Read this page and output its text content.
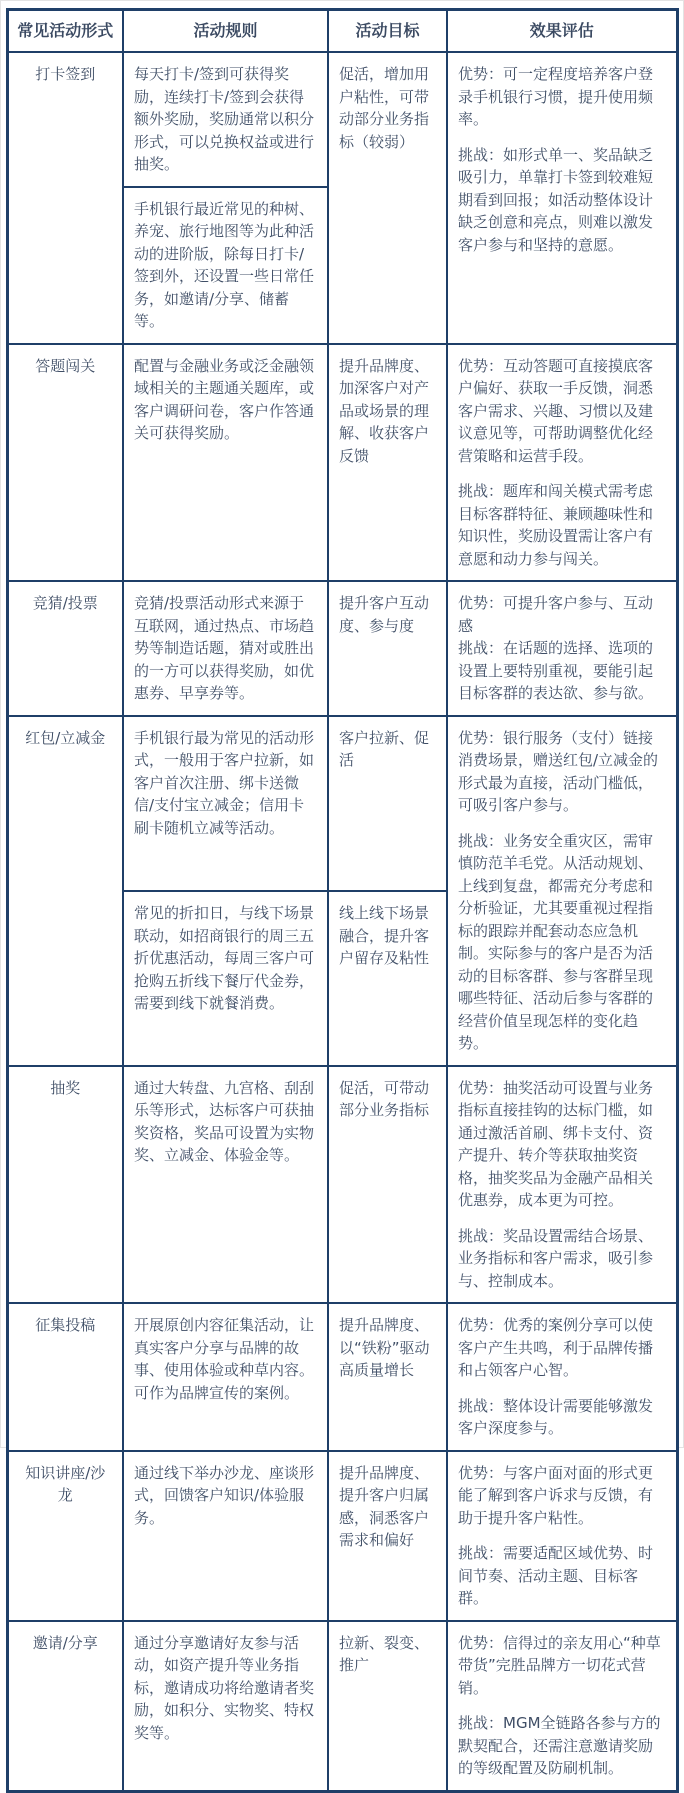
常见活动形式	活动规则	活动目标	效果评估
打卡签到	每天打卡/签到可获得奖励，连续打卡/签到会获得额外奖励，奖励通常以积分形式，可以兑换权益或进行抽奖。	促活，增加用户粘性，可带动部分业务指标（较弱）	优势：可一定程度培养客户登录手机银行习惯，提升使用频率。

挑战：如形式单一、奖品缺乏吸引力，单靠打卡签到较难短期看到回报；如活动整体设计缺乏创意和亮点，则难以激发客户参与和坚持的意愿。

	手机银行最近常见的种树、养宠、旅行地图等为此种活动的进阶版，除每日打卡/签到外，还设置一些日常任务，如邀请/分享、储蓄等。		

答题闯关	配置与金融业务或泛金融领域相关的主题通关题库，或客户调研问卷，客户作答通关可获得奖励。	提升品牌度、加深客户对产品或场景的理解、收获客户反馈	优势：互动答题可直接摸底客户偏好、获取一手反馈，洞悉客户需求、兴趣、习惯以及建议意见等，可帮助调整优化经营策略和运营手段。

挑战：题库和闯关模式需考虑目标客群特征、兼顾趣味性和知识性，奖励设置需让客户有意愿和动力参与闯关。

竞猜/投票	竞猜/投票活动形式来源于互联网，通过热点、市场趋势等制造话题，猜对或胜出的一方可以获得奖励，如优惠券、早享券等。	提升客户互动度、参与度	优势：可提升客户参与、互动感

挑战：在话题的选择、选项的设置上要特别重视，要能引起目标客群的表达欲、参与欲。

红包/立减金	手机银行最为常见的活动形式，一般用于客户拉新，如客户首次注册、绑卡送微信/支付宝立减金；信用卡刷卡随机立减等活动。	客户拉新、促活	优势：银行服务（支付）链接消费场景，赠送红包/立减金的形式最为直接，活动门槛低，可吸引客户参与。

挑战：业务安全重灾区，需审慎防范羊毛党。从活动规划、上线到复盘，都需充分考虑和分析验证，尤其要重视过程指标的跟踪并配套动态应急机制。实际参与的客户是否为活动的目标客群、参与客群呈现哪些特征、活动后参与客群的经营价值呈现怎样的变化趋势。

	常见的折扣日，与线下场景联动，如招商银行的周三五折优惠活动，每周三客户可抢购五折线下餐厅代金券，需要到线下就餐消费。	线上线下场景融合，提升客户留存及粘性	

抽奖	通过大转盘、九宫格、刮刮乐等形式，达标客户可获抽奖资格，奖品可设置为实物奖、立减金、体验金等。	促活，可带动部分业务指标	优势：抽奖活动可设置与业务指标直接挂钩的达标门槛，如通过激活首刷、绑卡支付、资产提升、转介等获取抽奖资格，抽奖奖品为金融产品相关优惠券，成本更为可控。

挑战：奖品设置需结合场景、业务指标和客户需求，吸引参与、控制成本。

征集投稿	开展原创内容征集活动，让真实客户分享与品牌的故事、使用体验或种草内容。可作为品牌宣传的案例。	提升品牌度、以“铁粉”驱动高质量增长	优势：优秀的案例分享可以使客户产生共鸣，利于品牌传播和占领客户心智。

挑战：整体设计需要能够激发客户深度参与。

知识讲座/沙龙	通过线下举办沙龙、座谈形式，回馈客户知识/体验服务。	提升品牌度、提升客户归属感，洞悉客户需求和偏好	优势：与客户面对面的形式更能了解到客户诉求与反馈，有助于提升客户粘性。

挑战：需要适配区域优势、时间节奏、活动主题、目标客群。

邀请/分享	通过分享邀请好友参与活动，如资产提升等业务指标，邀请成功将给邀请者奖励，如积分、实物奖、特权奖等。	拉新、裂变、推广	优势：信得过的亲友用心“种草带货”完胜品牌方一切花式营销。

挑战：MGM全链路各参与方的默契配合，还需注意邀请奖励的等级配置及防刷机制。
